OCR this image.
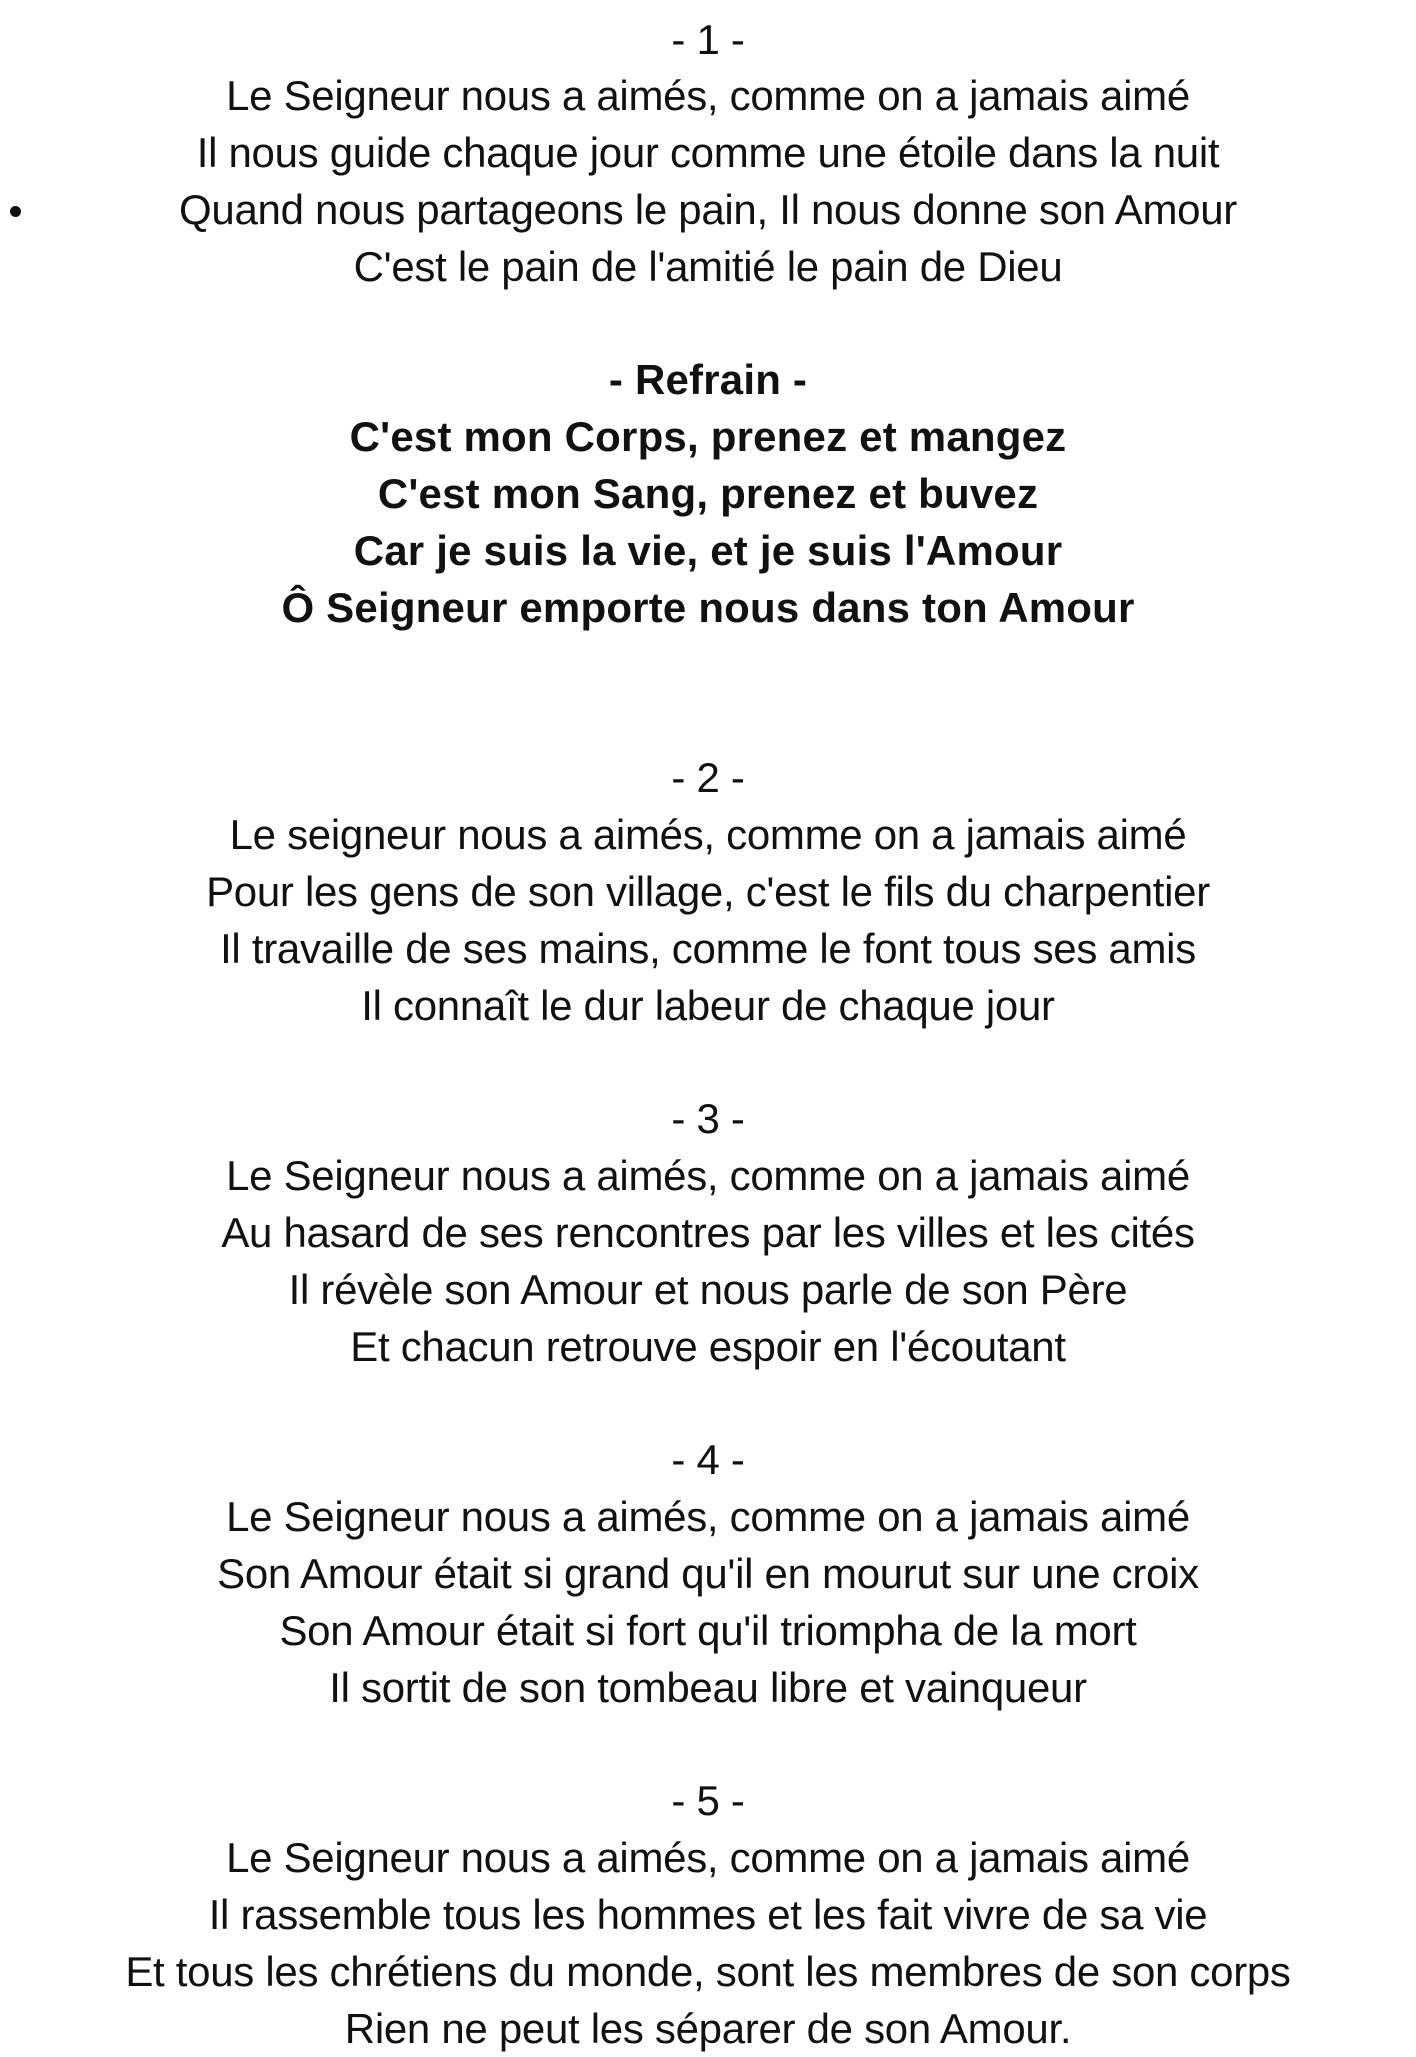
- 1 -
Le Seigneur nous a aimés, comme on a jamais aimé
Il nous guide chaque jour comme une étoile dans la nuit
Quand nous partageons le pain, Il nous donne son Amour
C'est le pain de l'amitié le pain de Dieu
- Refrain -
C'est mon Corps, prenez et mangez
C'est mon Sang, prenez et buvez
Car je suis la vie, et je suis l'Amour
Ô Seigneur emporte nous dans ton Amour
- 2 -
Le seigneur nous a aimés, comme on a jamais aimé
Pour les gens de son village, c'est le fils du charpentier
Il travaille de ses mains, comme le font tous ses amis
Il connaît le dur labeur de chaque jour
- 3 -
Le Seigneur nous a aimés, comme on a jamais aimé
Au hasard de ses rencontres par les villes et les cités
Il révèle son Amour et nous parle de son Père
Et chacun retrouve espoir en l'écoutant
- 4 -
Le Seigneur nous a aimés, comme on a jamais aimé
Son Amour était si grand qu'il en mourut sur une croix
Son Amour était si fort qu'il triompha de la mort
Il sortit de son tombeau libre et vainqueur
- 5 -
Le Seigneur nous a aimés, comme on a jamais aimé
Il rassemble tous les hommes et les fait vivre de sa vie
Et tous les chrétiens du monde, sont les membres de son corps
Rien ne peut les séparer de son Amour.
